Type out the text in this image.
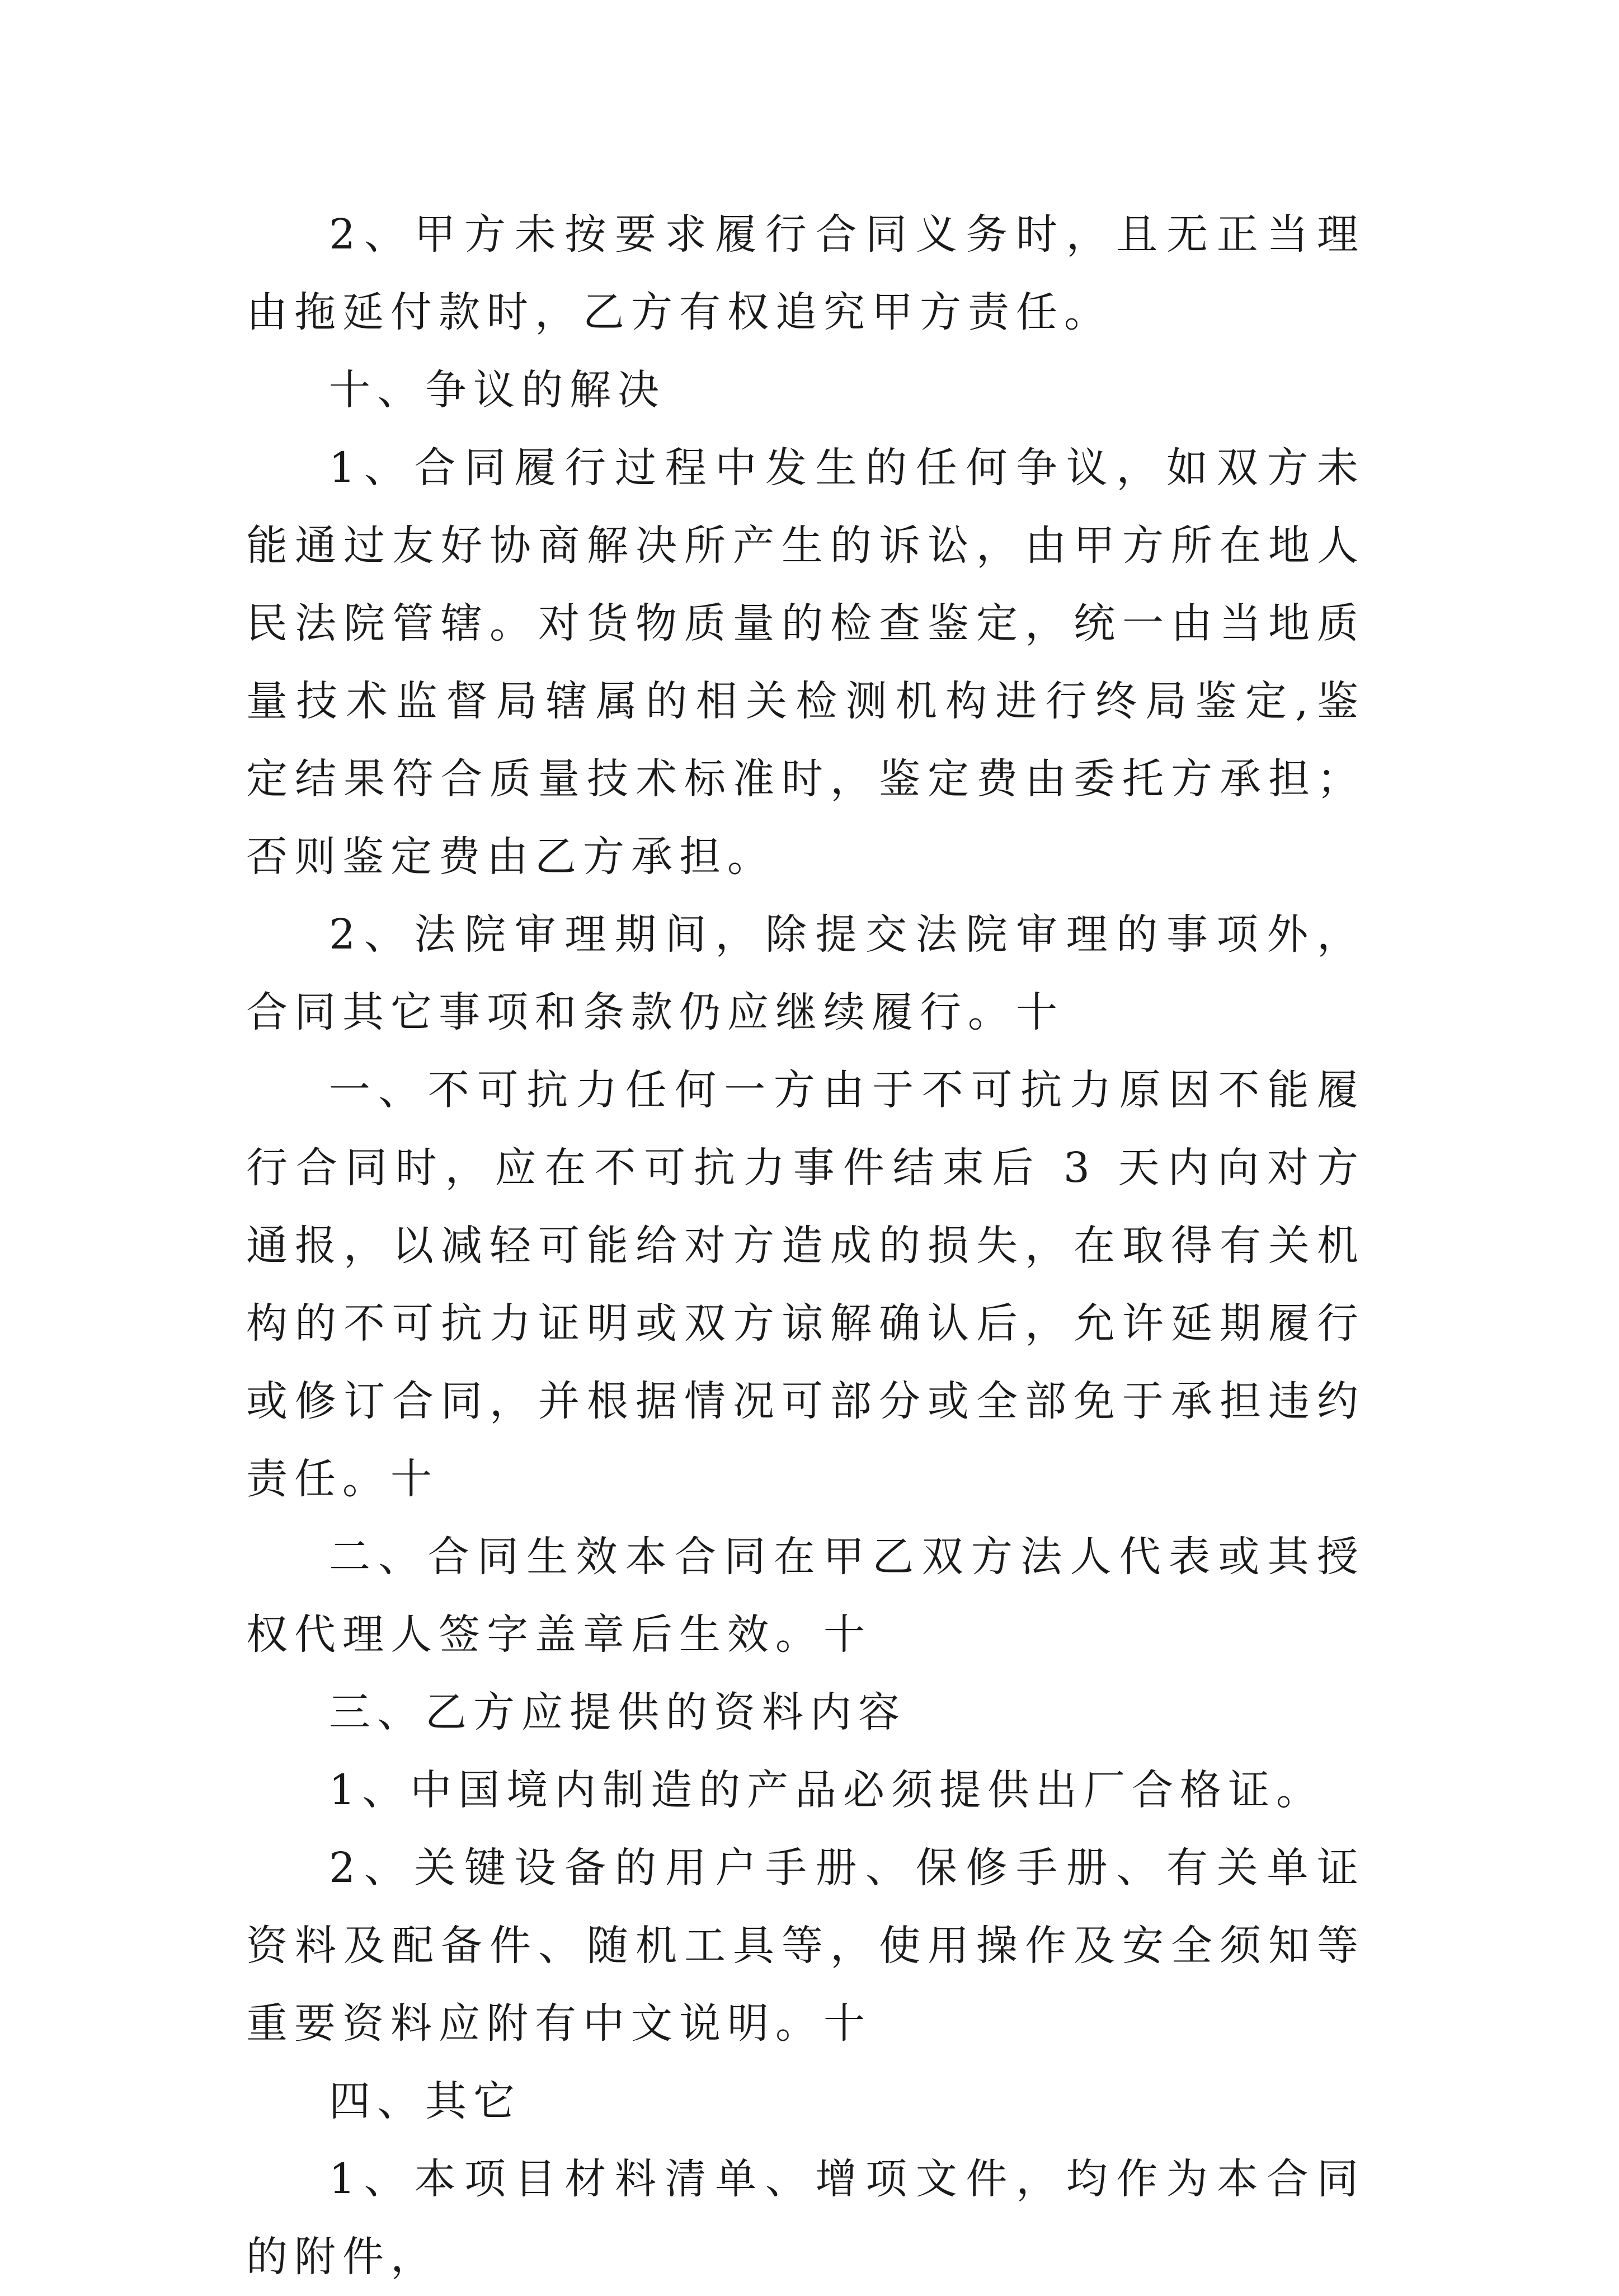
2、甲方未按要求履行合同义务时，且无正当理由拖延付款时，乙方有权追究甲方责任。

十、争议的解决

1、合同履行过程中发生的任何争议，如双方未能通过友好协商解决所产生的诉讼，由甲方所在地人民法院管辖。对货物质量的检查鉴定，统一由当地质量技术监督局辖属的相关检测机构进行终局鉴定,鉴定结果符合质量技术标准时，鉴定费由委托方承担；否则鉴定费由乙方承担。

2、法院审理期间，除提交法院审理的事项外，合同其它事项和条款仍应继续履行。十

一、不可抗力任何一方由于不可抗力原因不能履行合同时，应在不可抗力事件结束后 3 天内向对方通报，以减轻可能给对方造成的损失，在取得有关机构的不可抗力证明或双方谅解确认后，允许延期履行或修订合同，并根据情况可部分或全部免于承担违约责任。十

二、合同生效本合同在甲乙双方法人代表或其授权代理人签字盖章后生效。十

三、乙方应提供的资料内容

1、中国境内制造的产品必须提供出厂合格证。

2、关键设备的用户手册、保修手册、有关单证资料及配备件、随机工具等，使用操作及安全须知等重要资料应附有中文说明。十

四、其它

1、本项目材料清单、增项文件，均作为本合同的附件，
